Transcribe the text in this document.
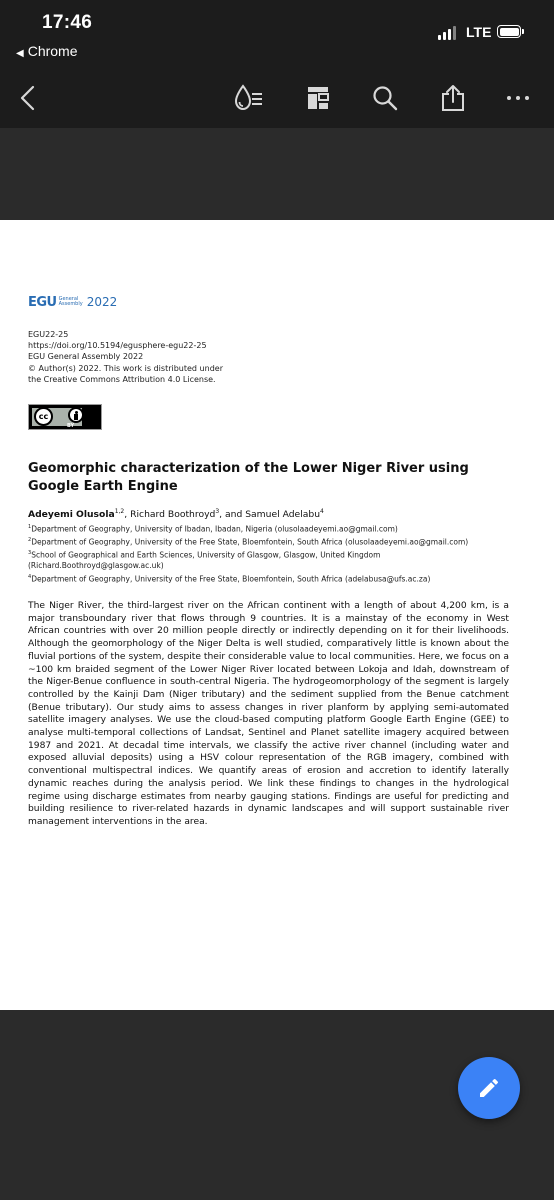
17:46
◀ Chrome
LTE
EGU General
Assembly 2022
EGU22-25
https://doi.org/10.5194/egusphere-egu22-25
EGU General Assembly 2022
© Author(s) 2022. This work is distributed under
the Creative Commons Attribution 4.0 License.
cc
BY
Geomorphic characterization of the Lower Niger River using Google Earth Engine
Adeyemi Olusola$^{1,2}$, Richard Boothroyd$^3$, and Samuel Adelabu$^4$
$^1$Department of Geography, University of Ibadan, Ibadan, Nigeria (olusolaadeyemi.ao@gmail.com)
$^2$Department of Geography, University of the Free State, Bloemfontein, South Africa (olusolaadeyemi.ao@gmail.com)
$^3$School of Geographical and Earth Sciences, University of Glasgow, Glasgow, United Kingdom
(Richard.Boothroyd@glasgow.ac.uk)
$^4$Department of Geography, University of the Free State, Bloemfontein, South Africa (adelabusa@ufs.ac.za)

The Niger River, the third-largest river on the African continent with a length of about 4,200 km, is a major transboundary river that flows through 9 countries. It is a mainstay of the economy in West African countries with over 20 million people directly or indirectly depending on it for their livelihoods. Although the geomorphology of the Niger Delta is well studied, comparatively little is known about the fluvial portions of the system, despite their considerable value to local communities. Here, we focus on a ~100 km braided segment of the Lower Niger River located between Lokoja and Idah, downstream of the Niger-Benue confluence in south-central Nigeria. The hydrogeomorphology of the segment is largely controlled by the Kainji Dam (Niger tributary) and the sediment supplied from the Benue catchment (Benue tributary). Our study aims to assess changes in river planform by applying semi-automated satellite imagery analyses. We use the cloud-based computing platform Google Earth Engine (GEE) to analyse multi-temporal collections of Landsat, Sentinel and Planet satellite imagery acquired between 1987 and 2021. At decadal time intervals, we classify the active river channel (including water and exposed alluvial deposits) using a HSV colour representation of the RGB imagery, combined with conventional multispectral indices. We quantify areas of erosion and accretion to identify laterally dynamic reaches during the analysis period. We link these findings to changes in the hydrological regime using discharge estimates from nearby gauging stations. Findings are useful for predicting and building resilience to river-related hazards in dynamic landscapes and will support sustainable river management interventions in the area.
